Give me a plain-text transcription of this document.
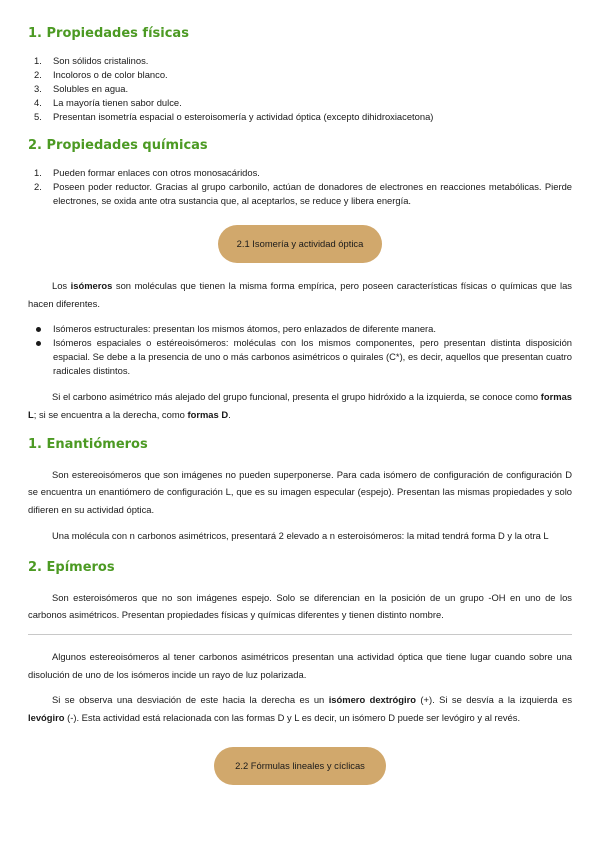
1. Propiedades físicas
1. Son sólidos cristalinos.
2. Incoloros o de color blanco.
3. Solubles en agua.
4. La mayoría tienen sabor dulce.
5. Presentan isometría espacial o esteroisomería y actividad óptica (excepto dihidroxiacetona)
2. Propiedades químicas
1. Pueden formar enlaces con otros monosacáridos.
2. Poseen poder reductor. Gracias al grupo carbonilo, actúan de donadores de electrones en reacciones metabólicas. Pierde electrones, se oxida ante otra sustancia que, al aceptarlos, se reduce y libera energía.
2.1 Isomería y actividad óptica

Los isómeros son moléculas que tienen la misma forma empírica, pero poseen características físicas o químicas que las hacen diferentes.

Isómeros estructurales: presentan los mismos átomos, pero enlazados de diferente manera.
Isómeros espaciales o estéreoisómeros: moléculas con los mismos componentes, pero presentan distinta disposición espacial. Se debe a la presencia de uno o más carbonos asimétricos o quirales (C*), es decir, aquellos que presentan cuatro radicales distintos.

Si el carbono asimétrico más alejado del grupo funcional, presenta el grupo hidróxido a la izquierda, se conoce como formas L; si se encuentra a la derecha, como formas D.

1. Enantiómeros

Son estereoisómeros que son imágenes no pueden superponerse. Para cada isómero de configuración de configuración D se encuentra un enantiómero de configuración L, que es su imagen especular (espejo). Presentan las mismas propiedades y solo difieren en su actividad óptica.

Una molécula con n carbonos asimétricos, presentará 2 elevado a n esteroisómeros: la mitad tendrá forma D y la otra L

2. Epímeros

Son esteroisómeros que no son imágenes espejo. Solo se diferencian en la posición de un grupo -OH en uno de los carbonos asimétricos. Presentan propiedades físicas y químicas diferentes y tienen distinto nombre.

Algunos estereoisómeros al tener carbonos asimétricos presentan una actividad óptica que tiene lugar cuando sobre una disolución de uno de los isómeros incide un rayo de luz polarizada.

Si se observa una desviación de este hacia la derecha es un isómero dextrógiro (+). Si se desvía a la izquierda es levógiro (-). Esta actividad está relacionada con las formas D y L es decir, un isómero D puede ser levógiro y al revés.

2.2 Fórmulas lineales y cíclicas
